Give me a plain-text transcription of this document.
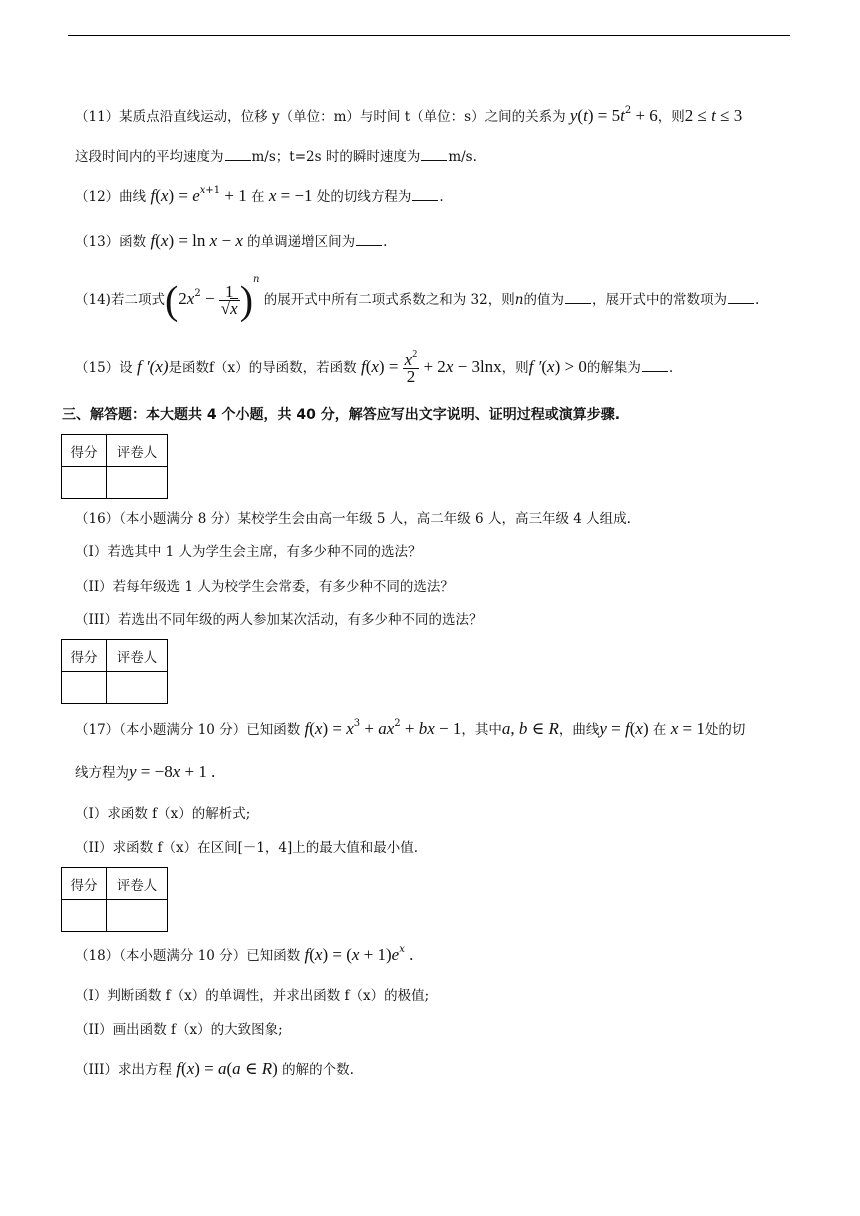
（11）某质点沿直线运动，位移 y（单位：m）与时间 t（单位：s）之间的关系为 $y(t) = 5t^2 + 6$，则2 ≤ t ≤ 3
这段时间内的平均速度为 m/s；t=2s 时的瞬时速度为 m/s.
（12）曲线 $f(x) = e^{x+1} + 1$ 在 x = −1 处的切线方程为 .
（13）函数 f(x) = ln x − x 的单调递增区间为 .
（14)若二项式$(2x^2 - \frac{1}{√x} )^n$ 的展开式中所有二项式系数之和为 32，则n的值为 ，展开式中的常数项为 .
（15）设 f ′(x)是函数f（x）的导函数，若函数 $f(x) = \frac{x^2}{2} + 2x - 3\ln x$，则f ′(x) > 0的解集为 .
三、解答题：本大题共 4 个小题，共 40 分，解答应写出文字说明、证明过程或演算步骤.
得分	评卷人

（16）（本小题满分 8 分）某校学生会由高一年级 5 人，高二年级 6 人，高三年级 4 人组成.
（I）若选其中 1 人为学生会主席，有多少种不同的选法？
（II）若每年级选 1 人为校学生会常委，有多少种不同的选法？
（III）若选出不同年级的两人参加某次活动，有多少种不同的选法？
得分	评卷人

（17）（本小题满分 10 分）已知函数 $f(x) = x^3 + ax^2$ + bx − 1，其中a, b ∈ R，曲线y = f(x) 在 x = 1处的切
线方程为y = −8x + 1 .
（I）求函数 f（x）的解析式;
（II）求函数 f（x）在区间[－1，4]上的最大值和最小值.
得分	评卷人

（18）（本小题满分 10 分）已知函数 $f(x) = (x + 1)e^x$ .
（I）判断函数 f（x）的单调性，并求出函数 f（x）的极值;
（II）画出函数 f（x）的大致图象;
（III）求出方程 f(x) = a(a ∈ R) 的解的个数.
